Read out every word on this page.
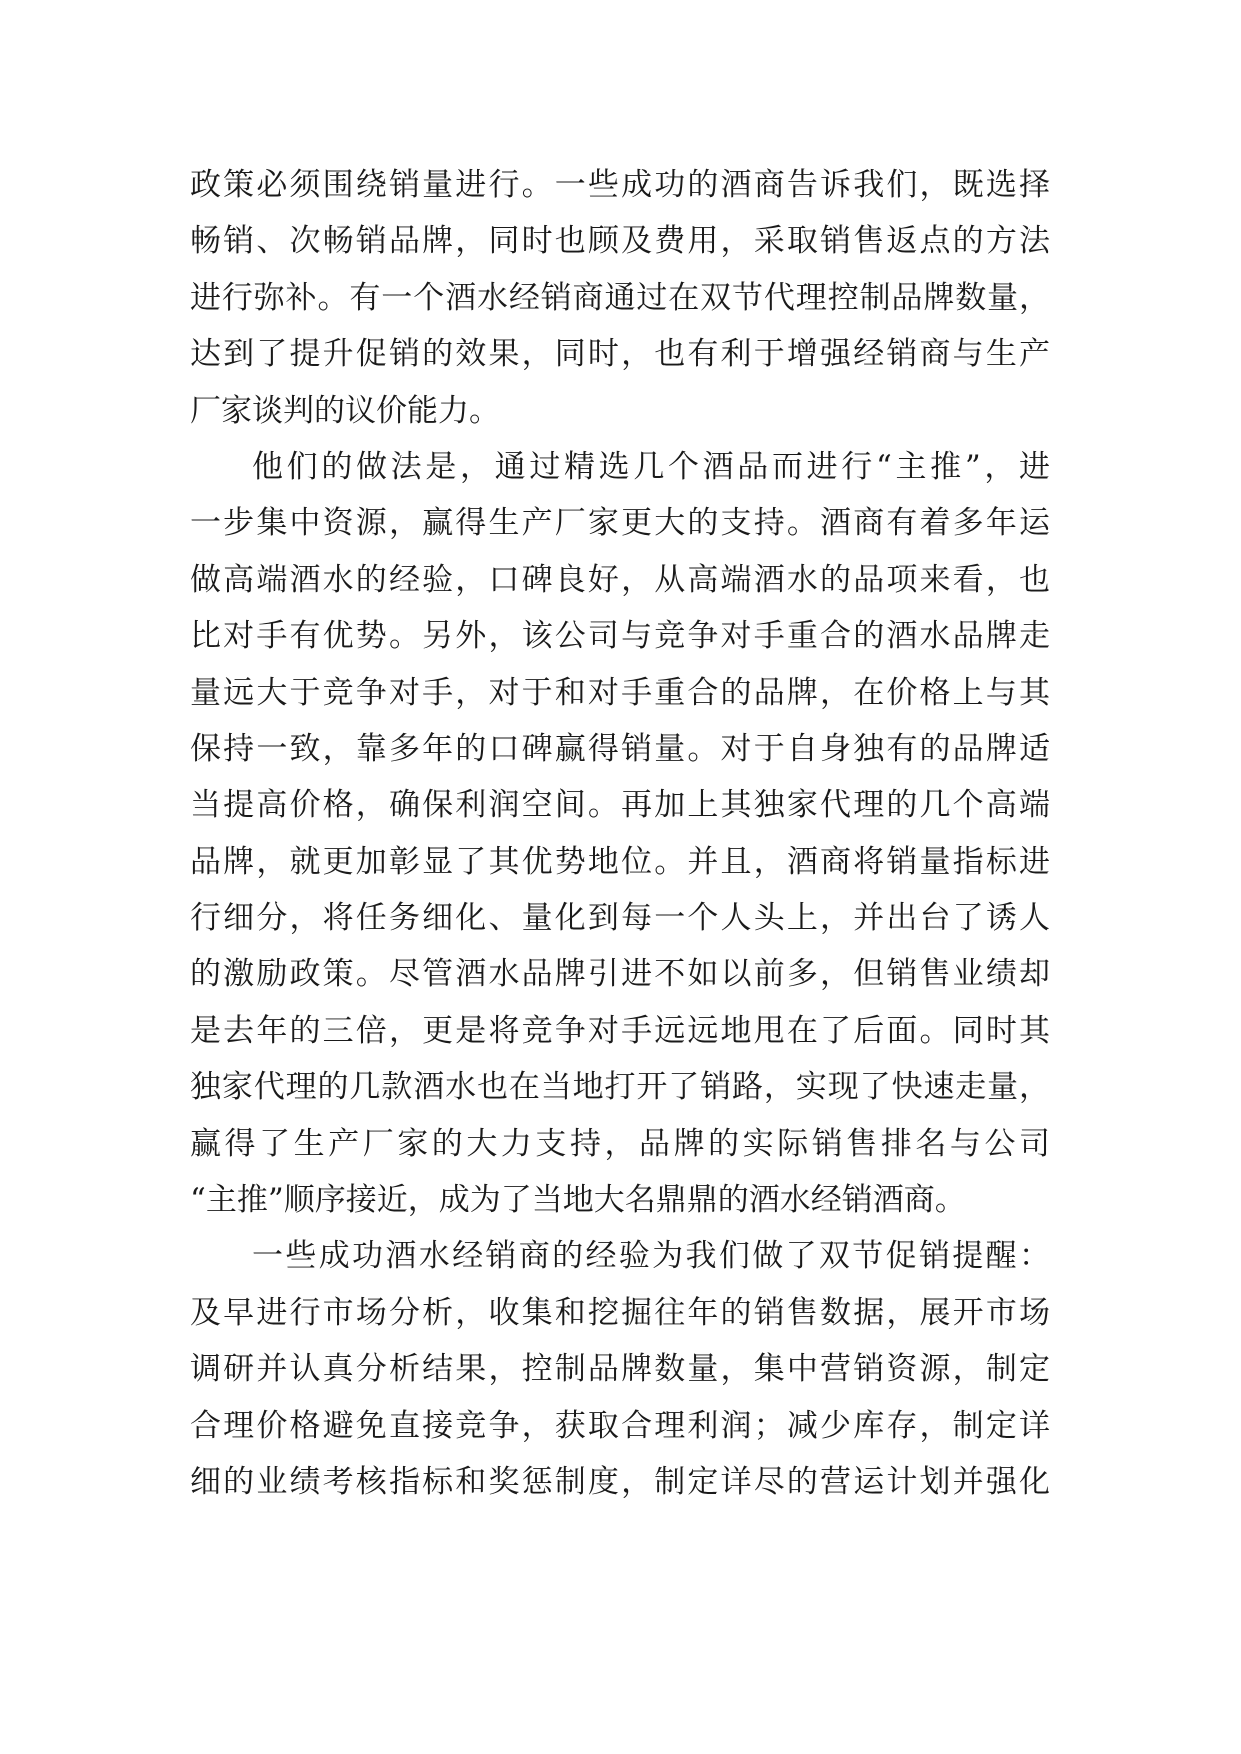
政策必须围绕销量进行。一些成功的酒商告诉我们，既选择
畅销、次畅销品牌，同时也顾及费用，采取销售返点的方法
进行弥补。有一个酒水经销商通过在双节代理控制品牌数量，
达到了提升促销的效果，同时，也有利于增强经销商与生产
厂家谈判的议价能力。
他们的做法是，通过精选几个酒品而进行“主推”，进
一步集中资源，赢得生产厂家更大的支持。酒商有着多年运
做高端酒水的经验，口碑良好，从高端酒水的品项来看，也
比对手有优势。另外，该公司与竞争对手重合的酒水品牌走
量远大于竞争对手，对于和对手重合的品牌，在价格上与其
保持一致，靠多年的口碑赢得销量。对于自身独有的品牌适
当提高价格，确保利润空间。再加上其独家代理的几个高端
品牌，就更加彰显了其优势地位。并且，酒商将销量指标进
行细分，将任务细化、量化到每一个人头上，并出台了诱人
的激励政策。尽管酒水品牌引进不如以前多，但销售业绩却
是去年的三倍，更是将竞争对手远远地甩在了后面。同时其
独家代理的几款酒水也在当地打开了销路，实现了快速走量，
赢得了生产厂家的大力支持，品牌的实际销售排名与公司
“主推”顺序接近，成为了当地大名鼎鼎的酒水经销酒商。
一些成功酒水经销商的经验为我们做了双节促销提醒：
及早进行市场分析，收集和挖掘往年的销售数据，展开市场
调研并认真分析结果，控制品牌数量，集中营销资源，制定
合理价格避免直接竞争，获取合理利润；减少库存，制定详
细的业绩考核指标和奖惩制度，制定详尽的营运计划并强化
